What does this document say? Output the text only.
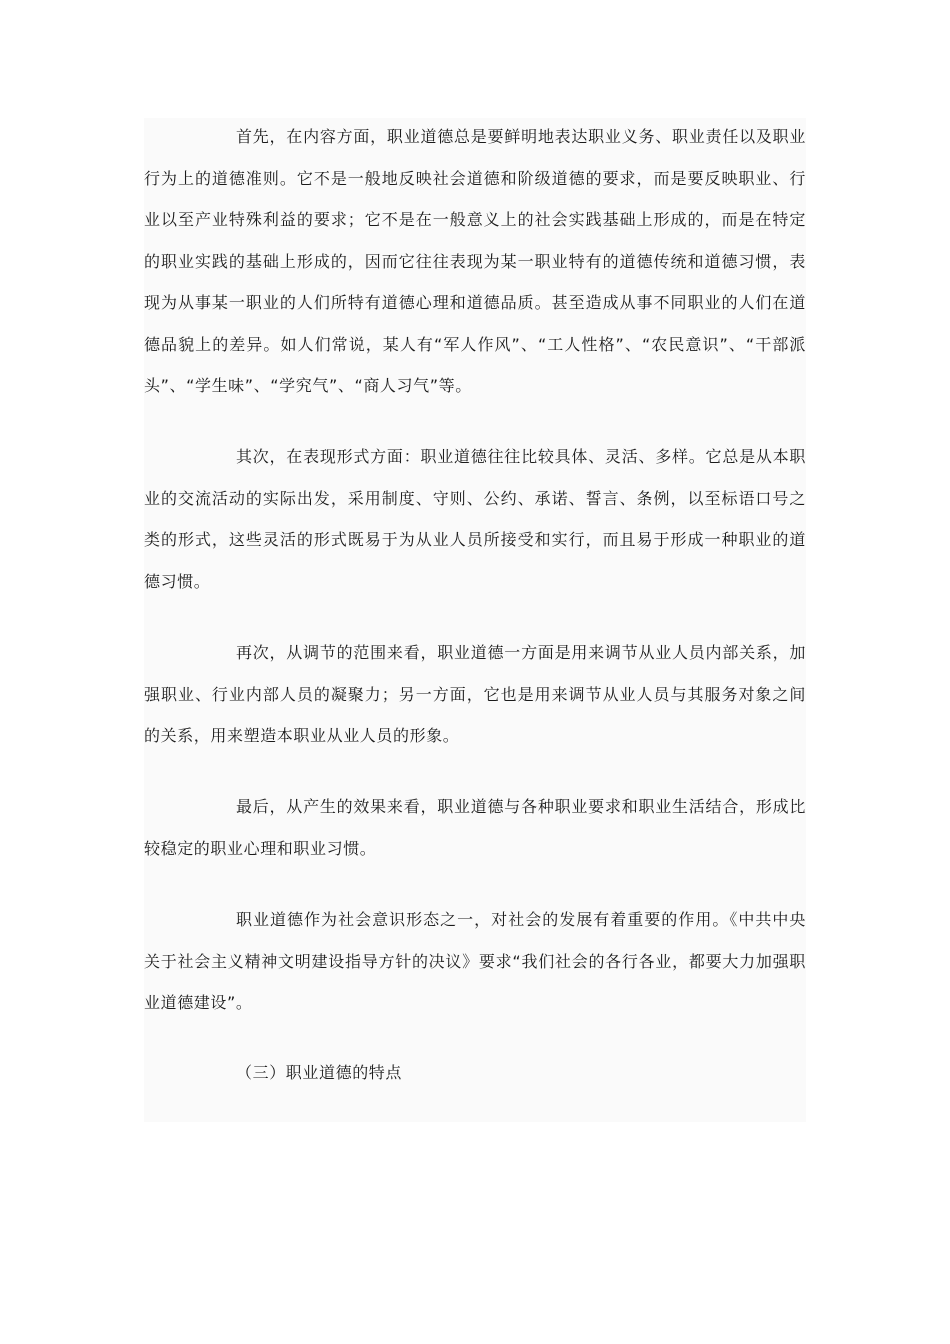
首先，在内容方面，职业道德总是要鲜明地表达职业义务、职业责任以及职业行为上的道德准则。它不是一般地反映社会道德和阶级道德的要求，而是要反映职业、行业以至产业特殊利益的要求；它不是在一般意义上的社会实践基础上形成的，而是在特定的职业实践的基础上形成的，因而它往往表现为某一职业特有的道德传统和道德习惯，表现为从事某一职业的人们所特有道德心理和道德品质。甚至造成从事不同职业的人们在道德品貌上的差异。如人们常说，某人有“军人作风”、“工人性格”、“农民意识”、“干部派头”、“学生味”、“学究气”、“商人习气”等。

其次，在表现形式方面：职业道德往往比较具体、灵活、多样。它总是从本职业的交流活动的实际出发，采用制度、守则、公约、承诺、誓言、条例，以至标语口号之类的形式，这些灵活的形式既易于为从业人员所接受和实行，而且易于形成一种职业的道德习惯。

再次，从调节的范围来看，职业道德一方面是用来调节从业人员内部关系，加强职业、行业内部人员的凝聚力；另一方面，它也是用来调节从业人员与其服务对象之间的关系，用来塑造本职业从业人员的形象。

最后，从产生的效果来看，职业道德与各种职业要求和职业生活结合，形成比较稳定的职业心理和职业习惯。

职业道德作为社会意识形态之一，对社会的发展有着重要的作用。《中共中央关于社会主义精神文明建设指导方针的决议》要求“我们社会的各行各业，都要大力加强职业道德建设”。

（三）职业道德的特点
